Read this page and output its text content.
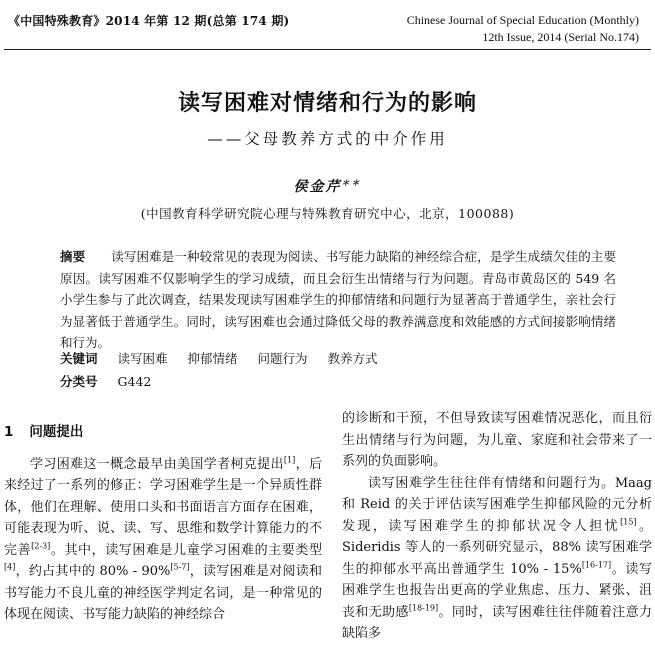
《中国特殊教育》2014 年第 12 期(总第 174 期)	Chinese Journal of Special Education (Monthly)
12th Issue, 2014 (Serial No.174)
读写困难对情绪和行为的影响
——父母教养方式的中介作用
侯金芹＊＊
(中国教育科学研究院心理与特殊教育研究中心，北京，100088)

摘要 读写困难是一种较常见的表现为阅读、书写能力缺陷的神经综合症，是学生成绩欠佳的主要原因。读写困难不仅影响学生的学习成绩，而且会衍生出情绪与行为问题。青岛市黄岛区的 549 名小学生参与了此次调查，结果发现读写困难学生的抑郁情绪和问题行为显著高于普通学生，亲社会行为显著低于普通学生。同时，读写困难也会通过降低父母的教养满意度和效能感的方式间接影响情绪和行为。

关键词 读写困难 抑郁情绪 问题行为 教养方式
分类号 G442
1 问题提出

学习困难这一概念最早由美国学者柯克提出[1]，后来经过了一系列的修正：学习困难学生是一个异质性群体，他们在理解、使用口头和书面语言方面存在困难，可能表现为听、说、读、写、思维和数学计算能力的不完善[2-3]。其中，读写困难是儿童学习困难的主要类型[4]，约占其中的 80% - 90%[5-7]，读写困难是对阅读和书写能力不良儿童的神经医学判定名词，是一种常见的体现在阅读、书写能力缺陷的神经综合

的诊断和干预，不但导致读写困难情况恶化，而且衍生出情绪与行为问题，为儿童、家庭和社会带来了一系列的负面影响。

读写困难学生往往伴有情绪和问题行为。Maag 和 Reid 的关于评估读写困难学生抑郁风险的元分析发现，读写困难学生的抑郁状况令人担忧[15]。Sideridis 等人的一系列研究显示，88% 读写困难学生的抑郁水平高出普通学生 10% - 15%[16-17]。读写困难学生也报告出更高的学业焦虑、压力、紧张、沮丧和无助感[18-19]。同时，读写困难往往伴随着注意力缺陷多
